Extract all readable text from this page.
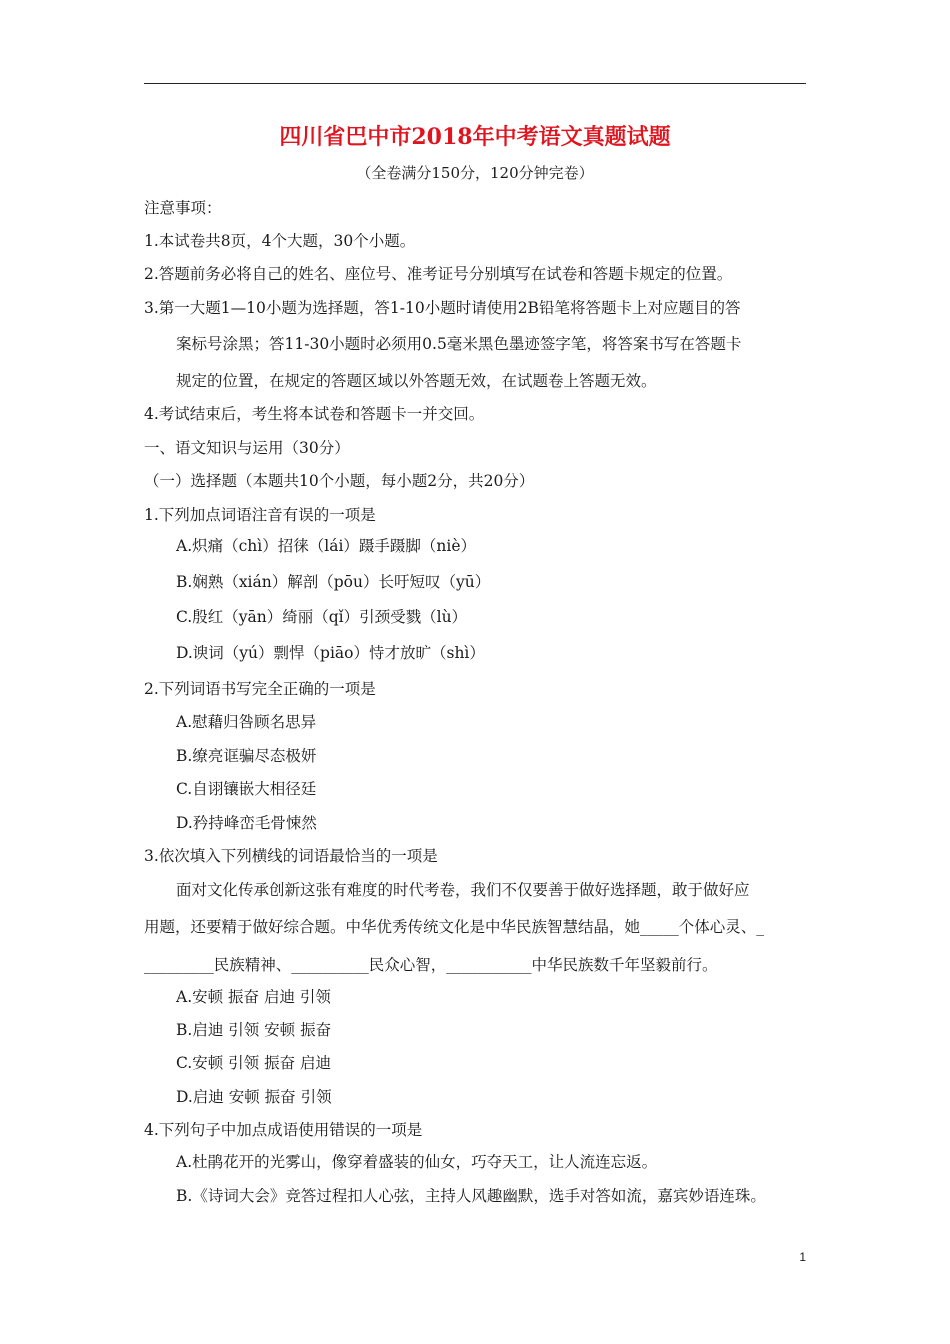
四川省巴中市2018年中考语文真题试题
（全卷满分150分，120分钟完卷）
注意事项：
1.本试卷共8页，4个大题，30个小题。
2.答题前务必将自己的姓名、座位号、准考证号分别填写在试卷和答题卡规定的位置。
3.第一大题1—10小题为选择题，答1-10小题时请使用2B铅笔将答题卡上对应题目的答
案标号涂黑；答11-30小题时必须用0.5毫米黑色墨迹签字笔，将答案书写在答题卡
规定的位置，在规定的答题区域以外答题无效，在试题卷上答题无效。
4.考试结束后，考生将本试卷和答题卡一并交回。
一、语文知识与运用（30分）
（一）选择题（本题共10个小题，每小题2分，共20分）
1.下列加点词语注音有误的一项是
A.炽痛（chì）招徕（lái）蹑手蹑脚（niè）
B.娴熟（xián）解剖（pōu）长吁短叹（yū）
C.殷红（yān）绮丽（qǐ）引颈受戮（lù）
D.谀词（yú）剽悍（piāo）恃才放旷（shì）
2.下列词语书写完全正确的一项是
A.慰藉归咎顾名思异
B.缭亮诓骗尽态极妍
C.自诩镶嵌大相径廷
D.矜持峰峦毛骨悚然
3.依次填入下列横线的词语最恰当的一项是
面对文化传承创新这张有难度的时代考卷，我们不仅要善于做好选择题，敢于做好应
用题，还要精于做好综合题。中华优秀传统文化是中华民族智慧结晶，她_____个体心灵、_
_________民族精神、__________民众心智，___________中华民族数千年坚毅前行。
A.安顿 振奋 启迪 引领
B.启迪 引领 安顿 振奋
C.安顿 引领 振奋 启迪
D.启迪 安顿 振奋 引领
4.下列句子中加点成语使用错误的一项是
A.杜鹃花开的光雾山，像穿着盛装的仙女，巧夺天工，让人流连忘返。
B.《诗词大会》竞答过程扣人心弦，主持人风趣幽默，选手对答如流，嘉宾妙语连珠。
1
